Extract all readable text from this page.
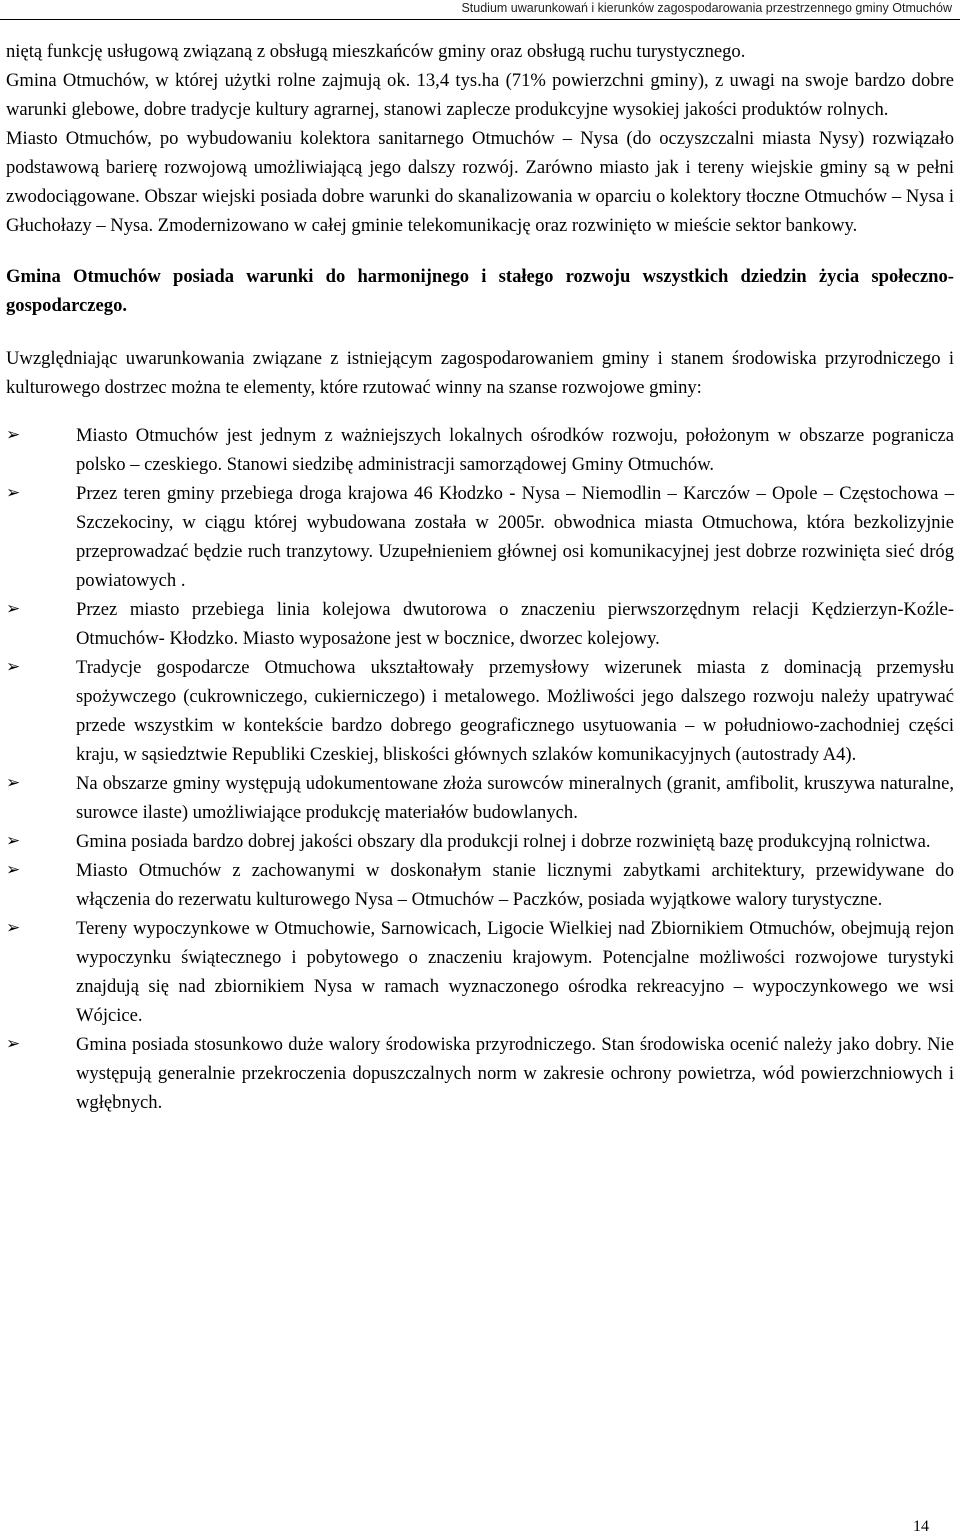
Studium uwarunkowań i kierunków zagospodarowania przestrzennego gminy Otmuchów

niętą funkcję usługową związaną z obsługą mieszkańców gminy oraz obsługą ruchu turystycznego.

Gmina Otmuchów, w której użytki rolne zajmują ok. 13,4 tys.ha (71% powierzchni gminy), z uwagi na swoje bardzo dobre warunki glebowe, dobre tradycje kultury agrarnej, stanowi zaplecze produkcyjne wysokiej jakości produktów rolnych.

Miasto Otmuchów, po wybudowaniu kolektora sanitarnego Otmuchów – Nysa (do oczyszczalni miasta Nysy) rozwiązało podstawową barierę rozwojową umożliwiającą jego dalszy rozwój. Zarówno miasto jak i tereny wiejskie gminy są w pełni zwodociągowane. Obszar wiejski posiada dobre warunki do skanalizowania w oparciu o kolektory tłoczne Otmuchów – Nysa i Głuchołazy – Nysa. Zmodernizowano w całej gminie telekomunikację oraz rozwinięto w mieście sektor bankowy.

Gmina Otmuchów posiada warunki do harmonijnego i stałego rozwoju wszystkich dziedzin życia społeczno-gospodarczego.

Uwzględniając uwarunkowania związane z istniejącym zagospodarowaniem gminy i stanem środowiska przyrodniczego i kulturowego dostrzec można te elementy, które rzutować winny na szanse rozwojowe gminy:

➢	Miasto Otmuchów jest jednym z ważniejszych lokalnych ośrodków rozwoju, położonym w obszarze pogranicza polsko – czeskiego. Stanowi siedzibę administracji samorządowej Gminy Otmuchów.
➢	Przez teren gminy przebiega droga krajowa 46 Kłodzko - Nysa – Niemodlin – Karczów – Opole – Częstochowa – Szczekociny, w ciągu której wybudowana została w 2005r. obwodnica miasta Otmuchowa, która bezkolizyjnie przeprowadzać będzie ruch tranzytowy. Uzupełnieniem głównej osi komunikacyjnej jest dobrze rozwinięta sieć dróg powiatowych .
➢	Przez miasto przebiega linia kolejowa dwutorowa o znaczeniu pierwszorzędnym relacji Kędzierzyn-Koźle- Otmuchów- Kłodzko. Miasto wyposażone jest w bocznice, dworzec kolejowy.
➢	Tradycje gospodarcze Otmuchowa ukształtowały przemysłowy wizerunek miasta z dominacją przemysłu spożywczego (cukrowniczego, cukierniczego) i metalowego. Możliwości jego dalszego rozwoju należy upatrywać przede wszystkim w kontekście bardzo dobrego geograficznego usytuowania – w południowo-zachodniej części kraju, w sąsiedztwie Republiki Czeskiej, bliskości głównych szlaków komunikacyjnych (autostrady A4).
➢	Na obszarze gminy występują udokumentowane złoża surowców mineralnych (granit, amfibolit, kruszywa naturalne, surowce ilaste) umożliwiające produkcję materiałów budowlanych.
➢	Gmina posiada bardzo dobrej jakości obszary dla produkcji rolnej i dobrze rozwiniętą bazę produkcyjną rolnictwa.
➢	Miasto Otmuchów z zachowanymi w doskonałym stanie licznymi zabytkami architektury, przewidywane do włączenia do rezerwatu kulturowego Nysa – Otmuchów – Paczków, posiada wyjątkowe walory turystyczne.
➢	Tereny wypoczynkowe w Otmuchowie, Sarnowicach, Ligocie Wielkiej nad Zbiornikiem Otmuchów, obejmują rejon wypoczynku świątecznego i pobytowego o znaczeniu krajowym. Potencjalne możliwości rozwojowe turystyki znajdują się nad zbiornikiem Nysa w ramach wyznaczonego ośrodka rekreacyjno – wypoczynkowego we wsi Wójcice.
➢	Gmina posiada stosunkowo duże walory środowiska przyrodniczego. Stan środowiska ocenić należy jako dobry. Nie występują generalnie przekroczenia dopuszczalnych norm w zakresie ochrony powietrza, wód powierzchniowych i wgłębnych.
14
